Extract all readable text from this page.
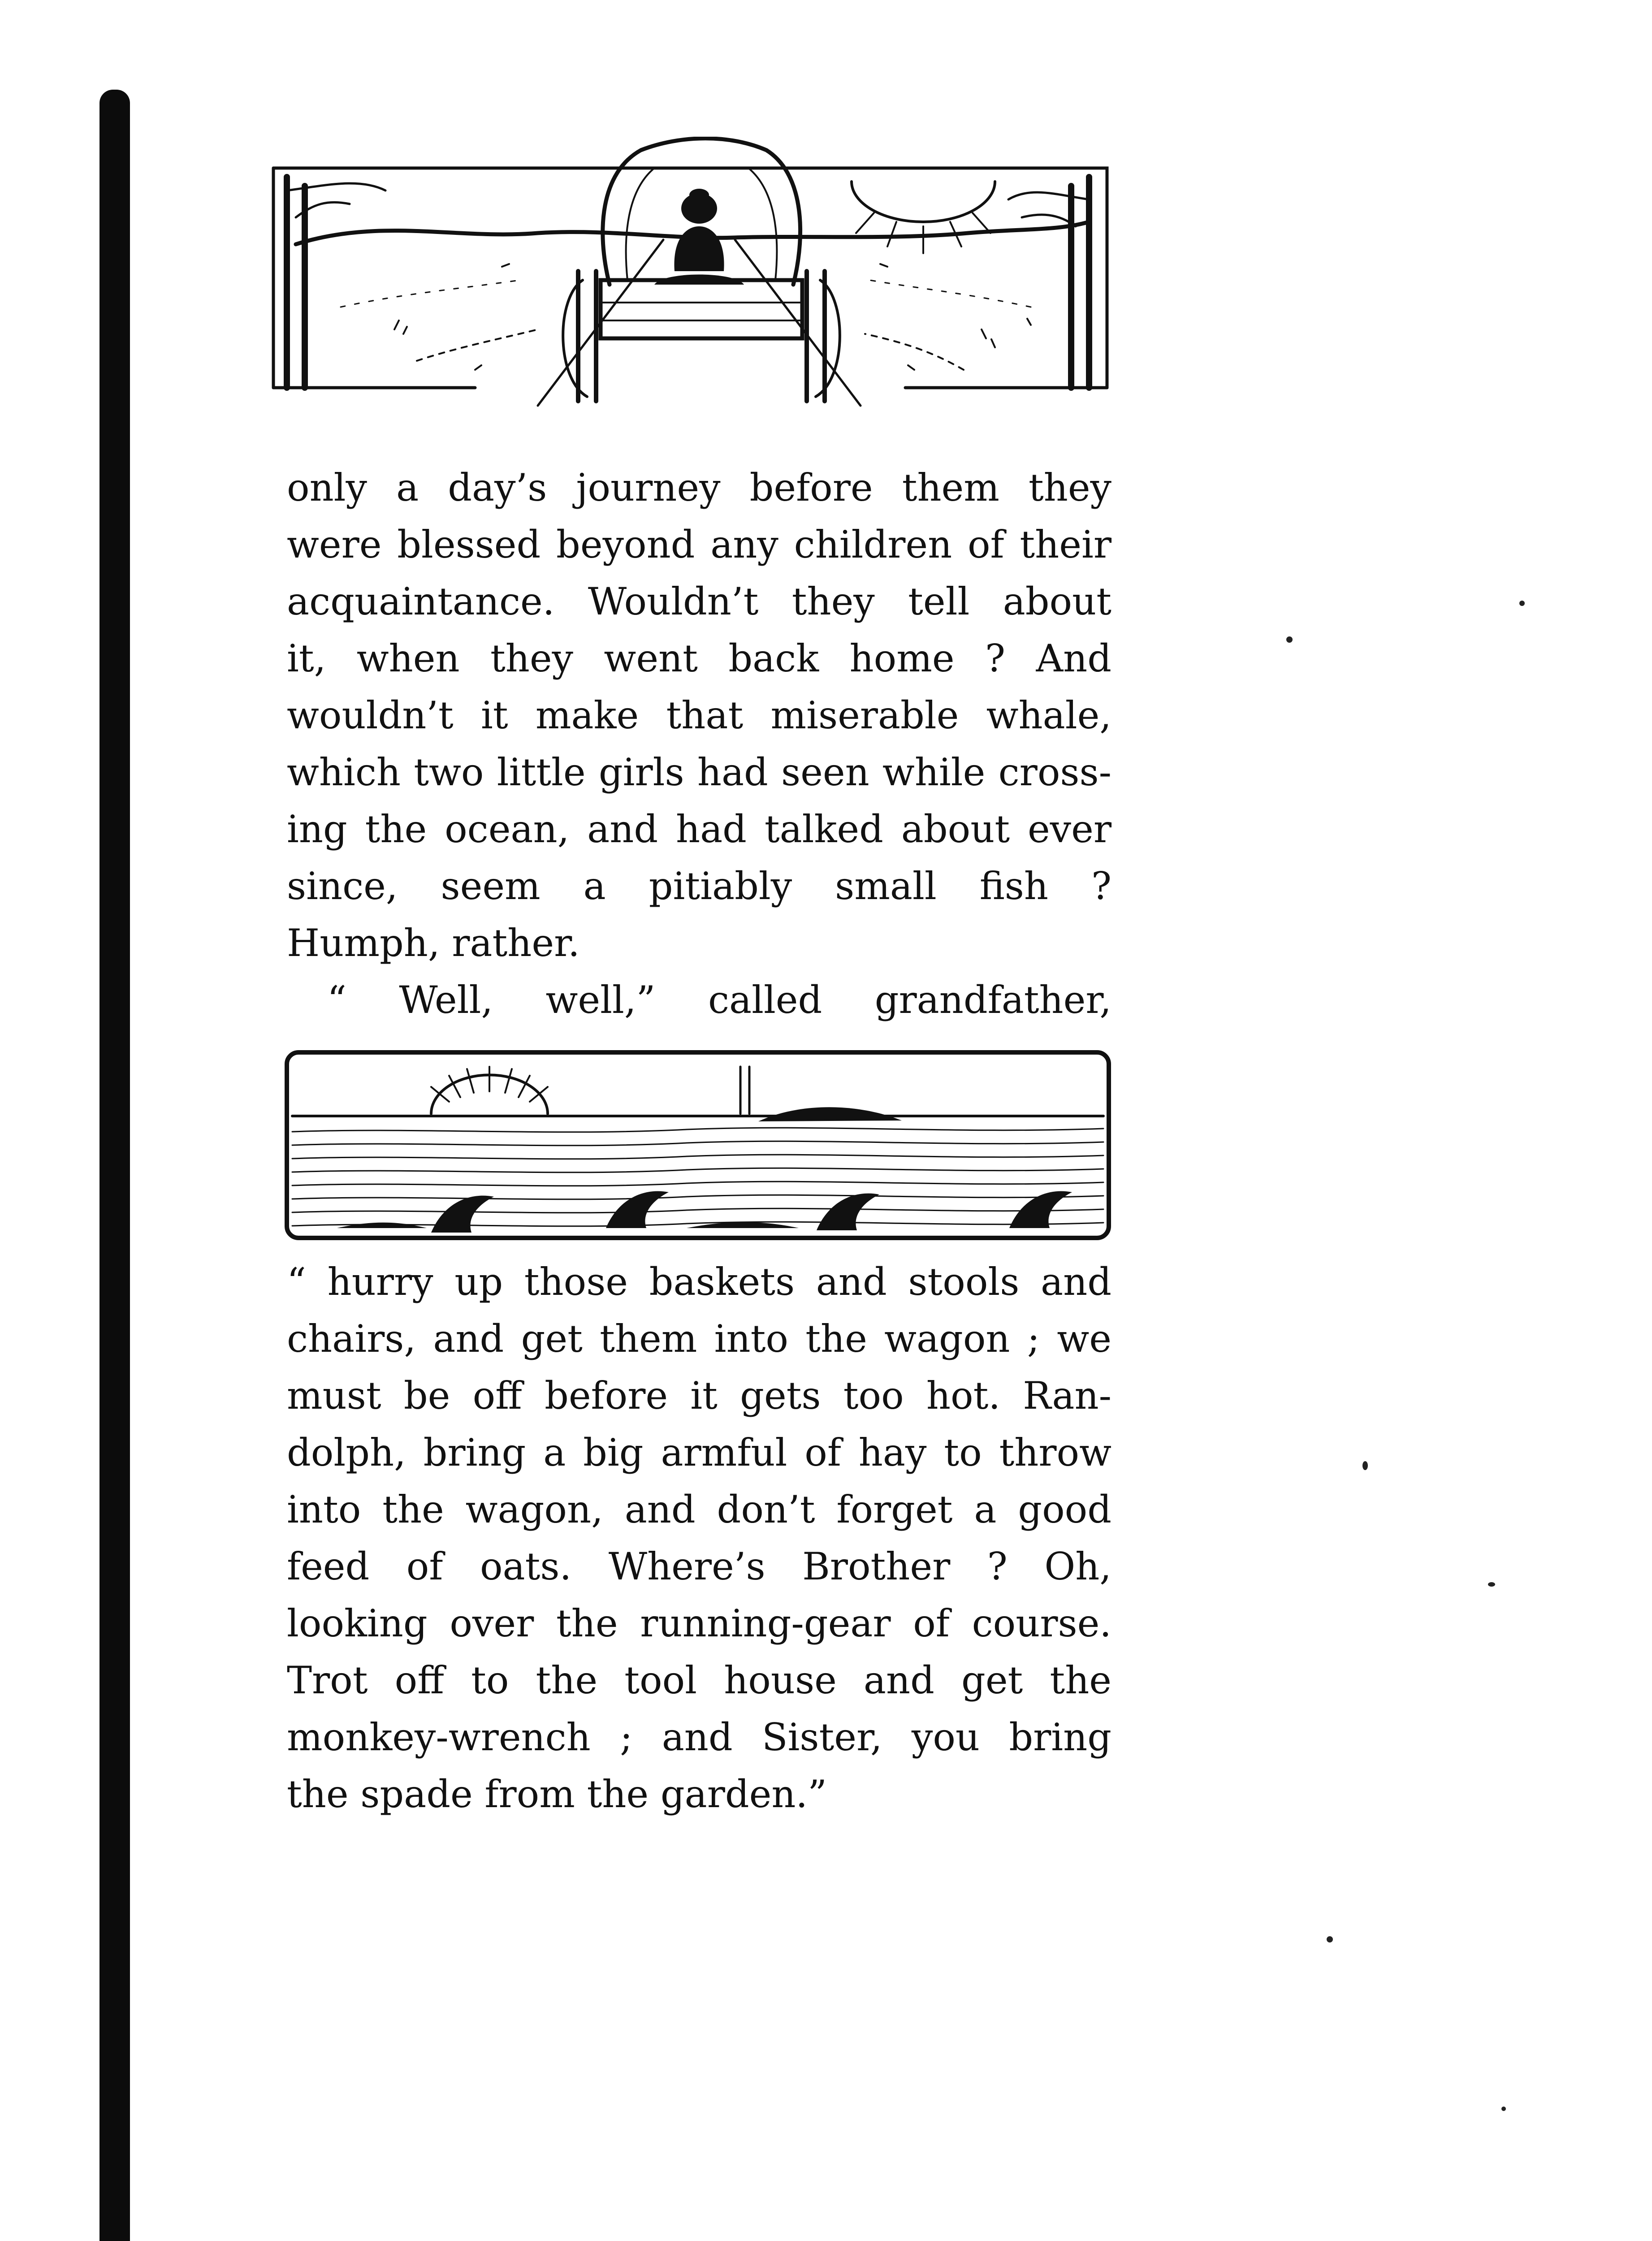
only a day’s journey before them they
were blessed beyond any children of their
acquaintance. Wouldn’t they tell about
it, when they went back home ? And
wouldn’t it make that miserable whale,
which two little girls had seen while cross-
ing the ocean, and had talked about ever
since, seem a pitiably small fish ?
Humph, rather.
“ Well, well,” called grandfather,
“ hurry up those baskets and stools and
chairs, and get them into the wagon ; we
must be off before it gets too hot. Ran-
dolph, bring a big armful of hay to throw
into the wagon, and don’t forget a good
feed of oats. Where’s Brother ? Oh,
looking over the running-gear of course.
Trot off to the tool house and get the
monkey-wrench ; and Sister, you bring
the spade from the garden.”
